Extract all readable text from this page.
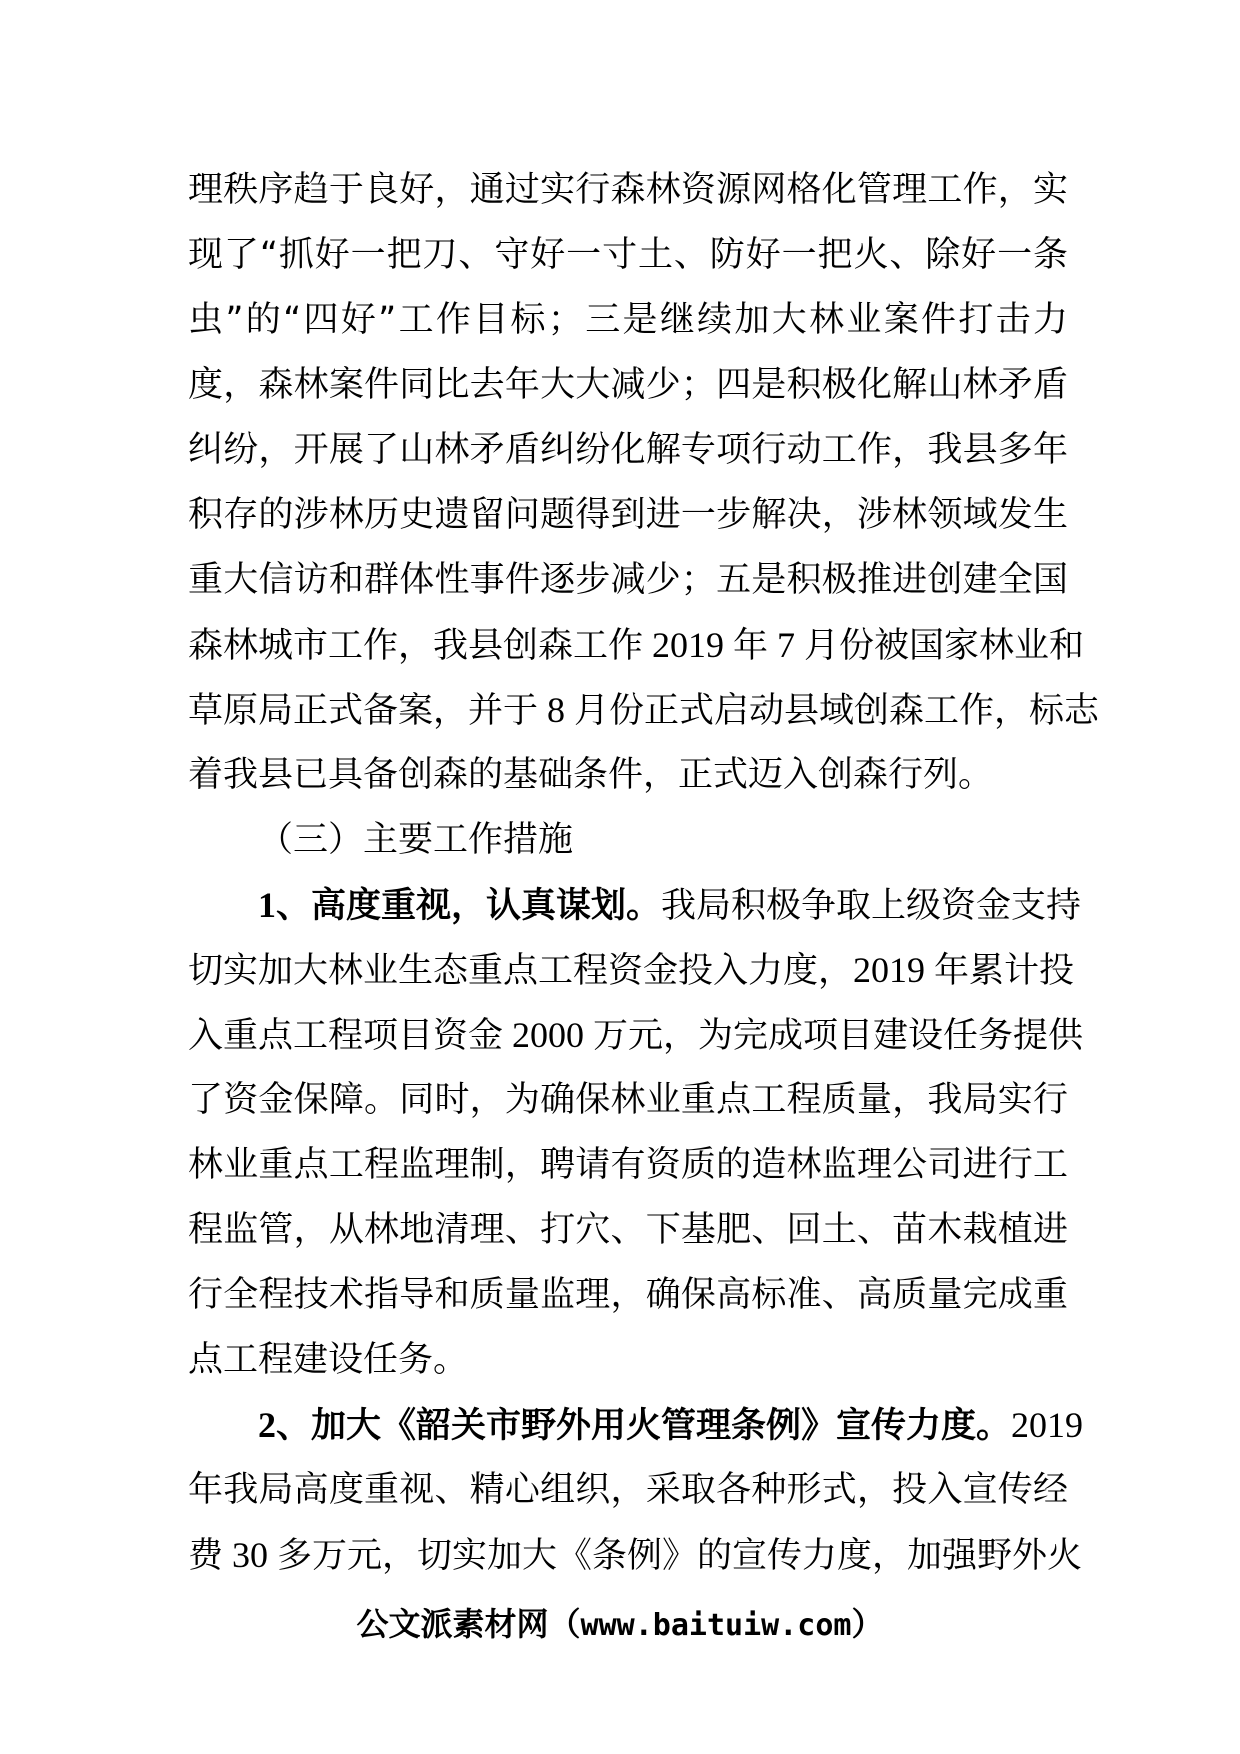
理秩序趋于良好，通过实行森林资源网格化管理工作，实
现了“抓好一把刀、守好一寸土、防好一把火、除好一条
虫”的“四好”工作目标；三是继续加大林业案件打击力
度，森林案件同比去年大大减少；四是积极化解山林矛盾
纠纷，开展了山林矛盾纠纷化解专项行动工作，我县多年
积存的涉林历史遗留问题得到进一步解决，涉林领域发生
重大信访和群体性事件逐步减少；五是积极推进创建全国
森林城市工作，我县创森工作 2019 年 7 月份被国家林业和
草原局正式备案，并于 8 月份正式启动县域创森工作，标志
着我县已具备创森的基础条件，正式迈入创森行列。
（三）主要工作措施
1、高度重视，认真谋划。我局积极争取上级资金支持
切实加大林业生态重点工程资金投入力度，2019 年累计投
入重点工程项目资金 2000 万元，为完成项目建设任务提供
了资金保障。同时，为确保林业重点工程质量，我局实行
林业重点工程监理制，聘请有资质的造林监理公司进行工
程监管，从林地清理、打穴、下基肥、回土、苗木栽植进
行全程技术指导和质量监理，确保高标准、高质量完成重
点工程建设任务。
2、加大《韶关市野外用火管理条例》宣传力度。2019
年我局高度重视、精心组织，采取各种形式，投入宣传经
费 30 多万元，切实加大《条例》的宣传力度，加强野外火
公文派素材网（www.baituiw.com）
